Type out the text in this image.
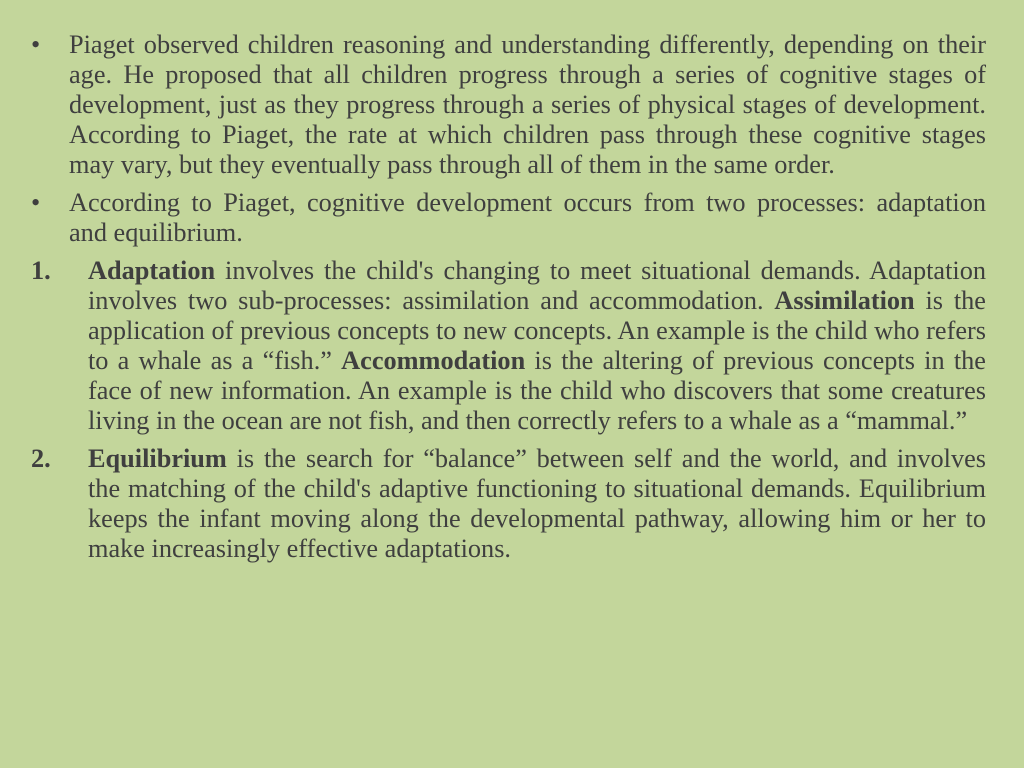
•	Piaget observed children reasoning and understanding differently, depending on their age. He proposed that all children progress through a series of cognitive stages of development, just as they progress through a series of physical stages of development. According to Piaget, the rate at which children pass through these cognitive stages may vary, but they eventually pass through all of them in the same order.
•	According to Piaget, cognitive development occurs from two processes: adaptation and equilibrium.
1.	Adaptation involves the child's changing to meet situational demands. Adaptation involves two sub-processes: assimilation and accommodation. Assimilation is the application of previous concepts to new concepts. An example is the child who refers to a whale as a “fish.” Accommodation is the altering of previous concepts in the face of new information. An example is the child who discovers that some creatures living in the ocean are not fish, and then correctly refers to a whale as a “mammal.”
2.	Equilibrium is the search for “balance” between self and the world, and involves the matching of the child's adaptive functioning to situational demands. Equilibrium keeps the infant moving along the developmental pathway, allowing him or her to make increasingly effective adaptations.
